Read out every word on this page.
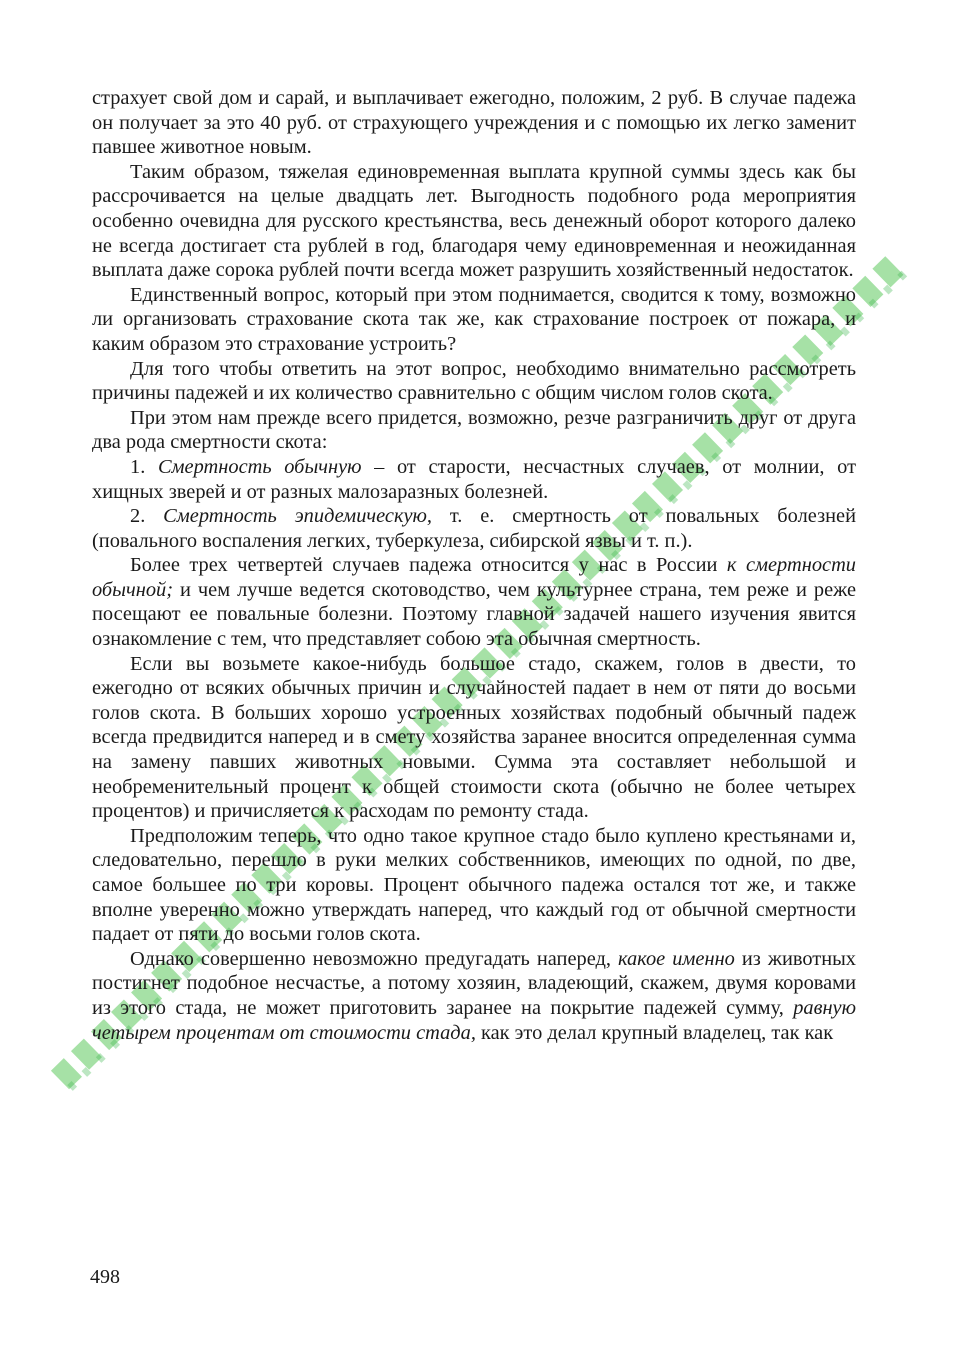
страхует свой дом и сарай, и выплачивает ежегодно, положим, 2 руб. В случае падежа он получает за это 40 руб. от страхующего учреждения и с помощью их легко заменит павшее животное новым.

Таким образом, тяжелая единовременная выплата крупной суммы здесь как бы рассрочивается на целые двадцать лет. Выгодность подобного рода мероприятия особенно очевидна для русского крестьянства, весь денежный оборот которого далеко не всегда достигает ста рублей в год, благодаря чему единовременная и неожиданная выплата даже сорока рублей почти всегда может разрушить хозяйственный недостаток.

Единственный вопрос, который при этом поднимается, сводится к тому, возможно ли организовать страхование скота так же, как страхование построек от пожара, и каким образом это страхование устроить?

Для того чтобы ответить на этот вопрос, необходимо внимательно рассмотреть причины падежей и их количество сравнительно с общим числом голов скота.

При этом нам прежде всего придется, возможно, резче разграничить друг от друга два рода смертности скота:

1. Смертность обычную – от старости, несчастных случаев, от молнии, от хищных зверей и от разных малозаразных болезней.

2. Смертность эпидемическую, т. е. смертность от повальных болезней (повального воспаления легких, туберкулеза, сибирской язвы и т. п.).

Более трех четвертей случаев падежа относится у нас в России к смертности обычной; и чем лучше ведется скотоводство, чем культурнее страна, тем реже и реже посещают ее повальные болезни. Поэтому главной задачей нашего изучения явится ознакомление с тем, что представляет собою эта обычная смертность.

Если вы возьмете какое-нибудь большое стадо, скажем, голов в двести, то ежегодно от всяких обычных причин и случайностей падает в нем от пяти до восьми голов скота. В больших хорошо устроенных хозяйствах подобный обычный падеж всегда предвидится наперед и в смету хозяйства заранее вносится определенная сумма на замену павших животных новыми. Сумма эта составляет небольшой и необременительный процент к общей стоимости скота (обычно не более четырех процентов) и причисляется к расходам по ремонту стада.

Предположим теперь, что одно такое крупное стадо было куплено крестьянами и, следовательно, перешло в руки мелких собственников, имеющих по одной, по две, самое большее по три коровы. Процент обычного падежа остался тот же, и также вполне уверенно можно утверждать наперед, что каждый год от обычной смертности падает от пяти до восьми голов скота.

Однако совершенно невозможно предугадать наперед, какое именно из животных постигнет подобное несчастье, а потому хозяин, владеющий, скажем, двумя коровами из этого стада, не может приготовить заранее на покрытие падежей сумму, равную четырем процентам от стоимости стада, как это делал крупный владелец, так как

498
